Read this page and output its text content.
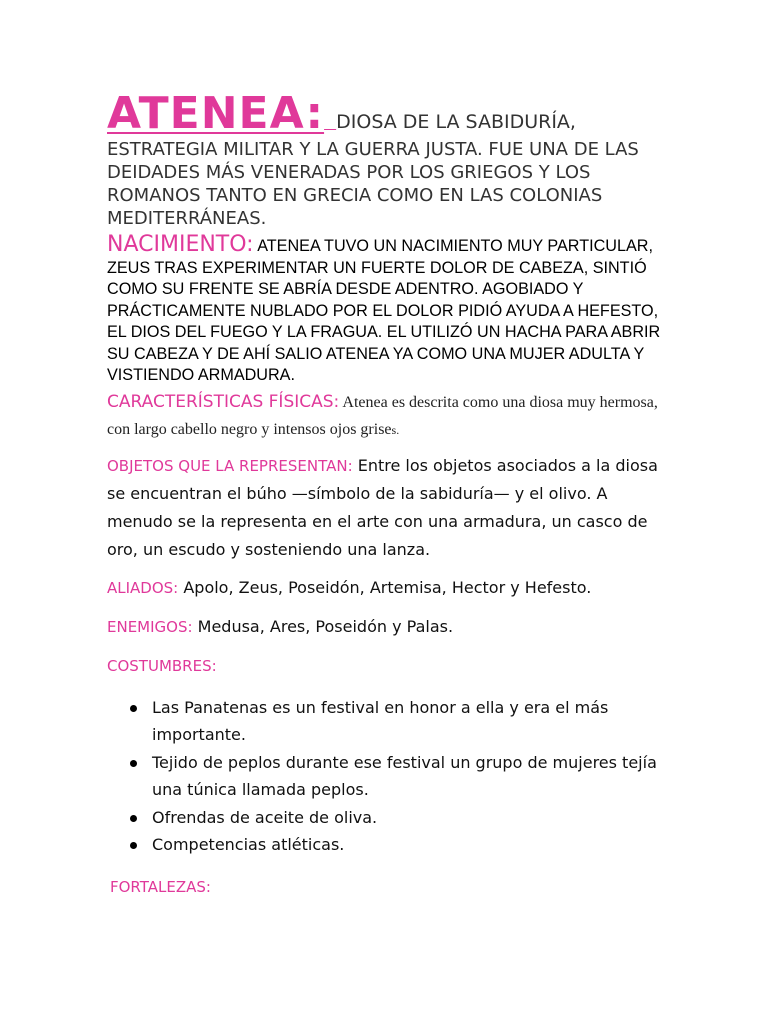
ATENEA: DIOSA DE LA SABIDURÍA,
ESTRATEGIA MILITAR Y LA GUERRA JUSTA. FUE UNA DE LAS DEIDADES MÁS VENERADAS POR LOS GRIEGOS Y LOS ROMANOS TANTO EN GRECIA COMO EN LAS COLONIAS MEDITERRÁNEAS.
NACIMIENTO: ATENEA TUVO UN NACIMIENTO MUY PARTICULAR, ZEUS TRAS EXPERIMENTAR UN FUERTE DOLOR DE CABEZA, SINTIÓ COMO SU FRENTE SE ABRÍA DESDE ADENTRO. AGOBIADO Y PRÁCTICAMENTE NUBLADO POR EL DOLOR PIDIÓ AYUDA A HEFESTO, EL DIOS DEL FUEGO Y LA FRAGUA. EL UTILIZÓ UN HACHA PARA ABRIR SU CABEZA Y DE AHÍ SALIO ATENEA YA COMO UNA MUJER ADULTA Y VISTIENDO ARMADURA.
CARACTERÍSTICAS FÍSICAS: Atenea es descrita como una diosa muy hermosa, con largo cabello negro y intensos ojos grises.
OBJETOS QUE LA REPRESENTAN: Entre los objetos asociados a la diosa se encuentran el búho —símbolo de la sabiduría— y el olivo. A menudo se la representa en el arte con una armadura, un casco de oro, un escudo y sosteniendo una lanza.
ALIADOS: Apolo, Zeus, Poseidón, Artemisa, Hector y Hefesto.
ENEMIGOS: Medusa, Ares, Poseidón y Palas.
COSTUMBRES:
Las Panatenas es un festival en honor a ella y era el más importante.
Tejido de peplos durante ese festival un grupo de mujeres tejía una túnica llamada peplos.
Ofrendas de aceite de oliva.
Competencias atléticas.
FORTALEZAS:
